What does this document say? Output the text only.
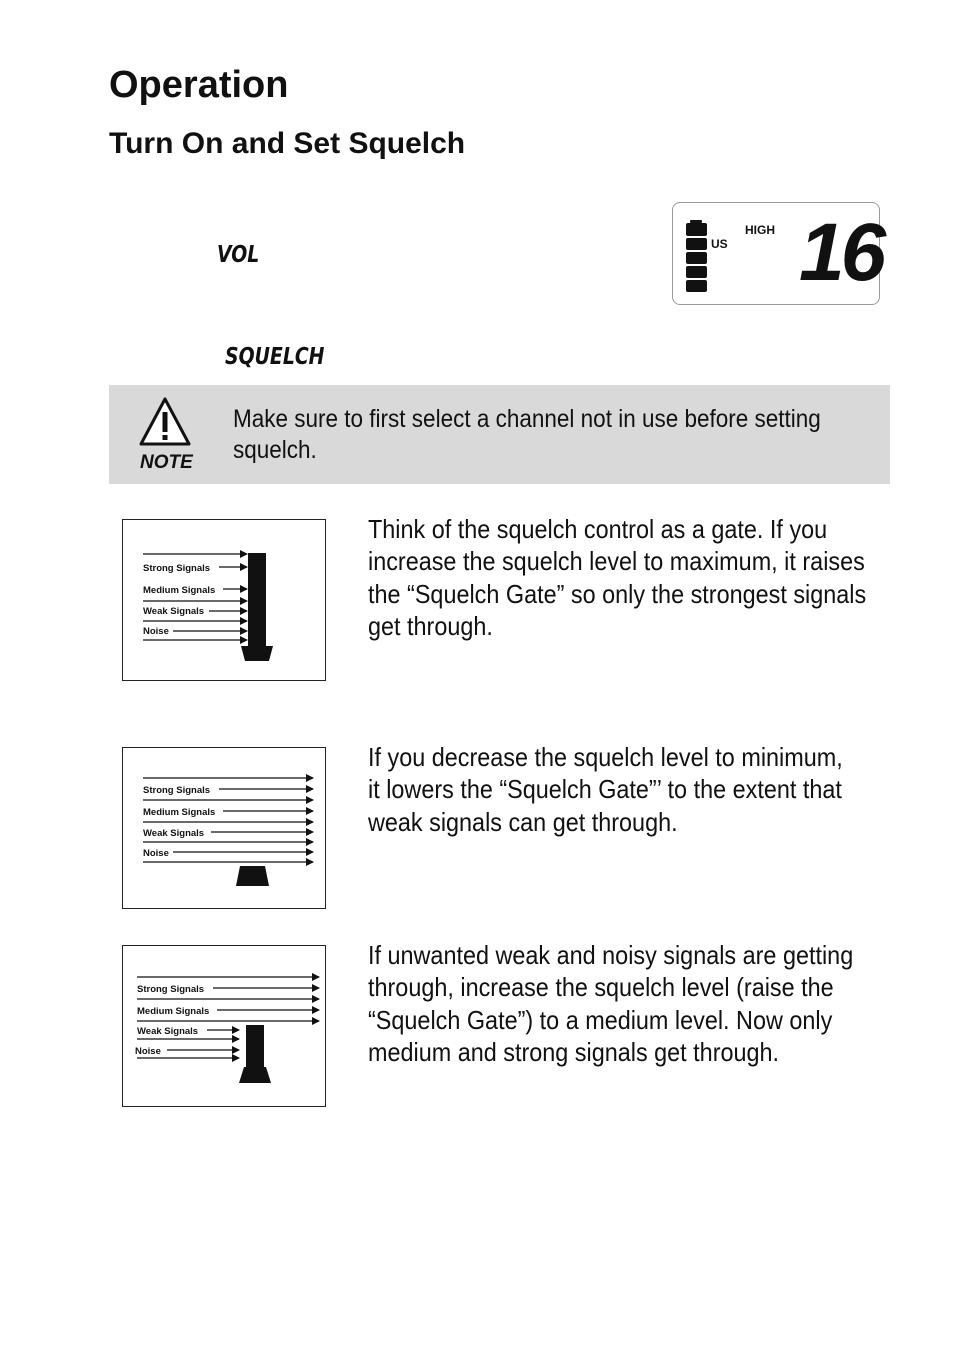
Operation
Turn On and Set Squelch
VOL
SQUELCH
US
HIGH 16
NOTE
Make sure to first select a channel not in use before setting
squelch.
Strong Signals
Medium Signals
Weak Signals
Noise
Think of the squelch control as a gate. If you
increase the squelch level to maximum, it raises
the “Squelch Gate” so only the strongest signals
get through.
Strong Signals
Medium Signals
Weak Signals
Noise
If you decrease the squelch level to minimum,
it lowers the “Squelch Gate”’ to the extent that
weak signals can get through.
Strong Signals
Medium Signals
Weak Signals
Noise
If unwanted weak and noisy signals are getting
through, increase the squelch level (raise the
“Squelch Gate”) to a medium level. Now only
medium and strong signals get through.
